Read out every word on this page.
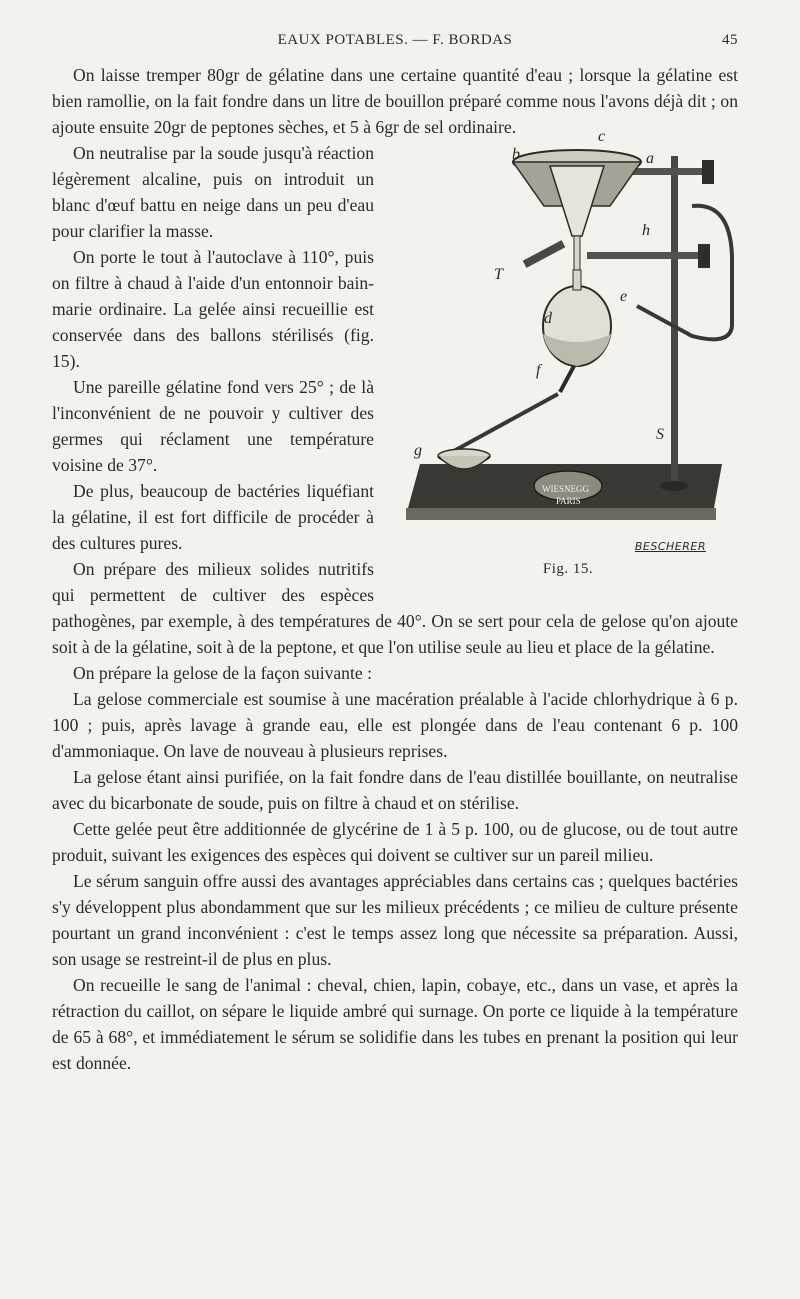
EAUX POTABLES. — F. BORDAS	45

On laisse tremper 80gr de gélatine dans une certaine quantité d'eau ; lorsque la gélatine est bien ramollie, on la fait fondre dans un litre de bouillon préparé comme nous l'avons déjà dit ; on ajoute ensuite 20gr de peptones sèches, et 5 à 6gr de sel ordinaire.

b
c
a
h
T
e
d
f
g
S
WIESNEGG
PARIS
BESCHERER
Fig. 15.

On neutralise par la soude jusqu'à réaction légèrement alcaline, puis on introduit un blanc d'œuf battu en neige dans un peu d'eau pour clarifier la masse.

On porte le tout à l'autoclave à 110°, puis on filtre à chaud à l'aide d'un entonnoir bain-marie ordinaire. La gelée ainsi recueillie est conservée dans des ballons stérilisés (fig. 15).

Une pareille gélatine fond vers 25° ; de là l'inconvénient de ne pouvoir y cultiver des germes qui réclament une température voisine de 37°.

De plus, beaucoup de bactéries liquéfiant la gélatine, il est fort difficile de procéder à des cultures pures.

On prépare des milieux solides nutritifs qui permettent de cultiver des espèces pathogènes, par exemple, à des températures de 40°. On se sert pour cela de gelose qu'on ajoute soit à de la gélatine, soit à de la peptone, et que l'on utilise seule au lieu et place de la gélatine.

On prépare la gelose de la façon suivante :

La gelose commerciale est soumise à une macération préalable à l'acide chlorhydrique à 6 p. 100 ; puis, après lavage à grande eau, elle est plongée dans de l'eau contenant 6 p. 100 d'ammoniaque. On lave de nouveau à plusieurs reprises.

La gelose étant ainsi purifiée, on la fait fondre dans de l'eau distillée bouillante, on neutralise avec du bicarbonate de soude, puis on filtre à chaud et on stérilise.

Cette gelée peut être additionnée de glycérine de 1 à 5 p. 100, ou de glucose, ou de tout autre produit, suivant les exigences des espèces qui doivent se cultiver sur un pareil milieu.

Le sérum sanguin offre aussi des avantages appréciables dans certains cas ; quelques bactéries s'y développent plus abondamment que sur les milieux précédents ; ce milieu de culture présente pourtant un grand inconvénient : c'est le temps assez long que nécessite sa préparation. Aussi, son usage se restreint-il de plus en plus.

On recueille le sang de l'animal : cheval, chien, lapin, cobaye, etc., dans un vase, et après la rétraction du caillot, on sépare le liquide ambré qui surnage. On porte ce liquide à la température de 65 à 68°, et immédiatement le sérum se solidifie dans les tubes en prenant la position qui leur est donnée.
